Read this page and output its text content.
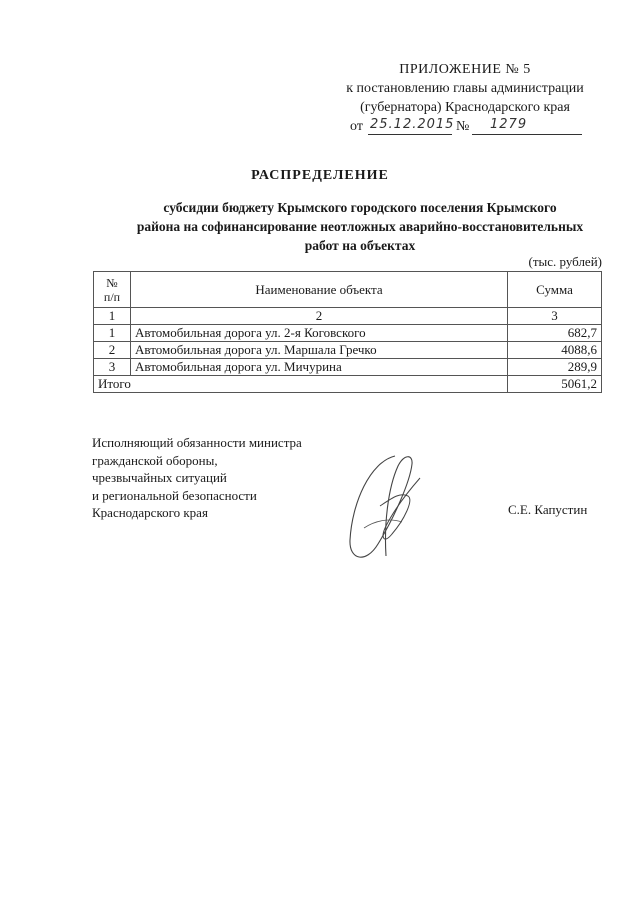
ПРИЛОЖЕНИЕ № 5
к постановлению главы администрации
(губернатора) Краснодарского края
от 25.12.2015 № 1279
РАСПРЕДЕЛЕНИЕ
субсидии бюджету Крымского городского поселения Крымского
района на софинансирование неотложных аварийно-восстановительных
работ на объектах
(тыс. рублей)
№
п/п	Наименование объекта	Сумма
1	2	3
1	Автомобильная дорога ул. 2-я Коговского	682,7
2	Автомобильная дорога ул. Маршала Гречко	4088,6
3	Автомобильная дорога ул. Мичурина	289,9
Итого		5061,2
Исполняющий обязанности министра
гражданской обороны,
чрезвычайных ситуаций
и региональной безопасности
Краснодарского края	С.Е. Капустин
